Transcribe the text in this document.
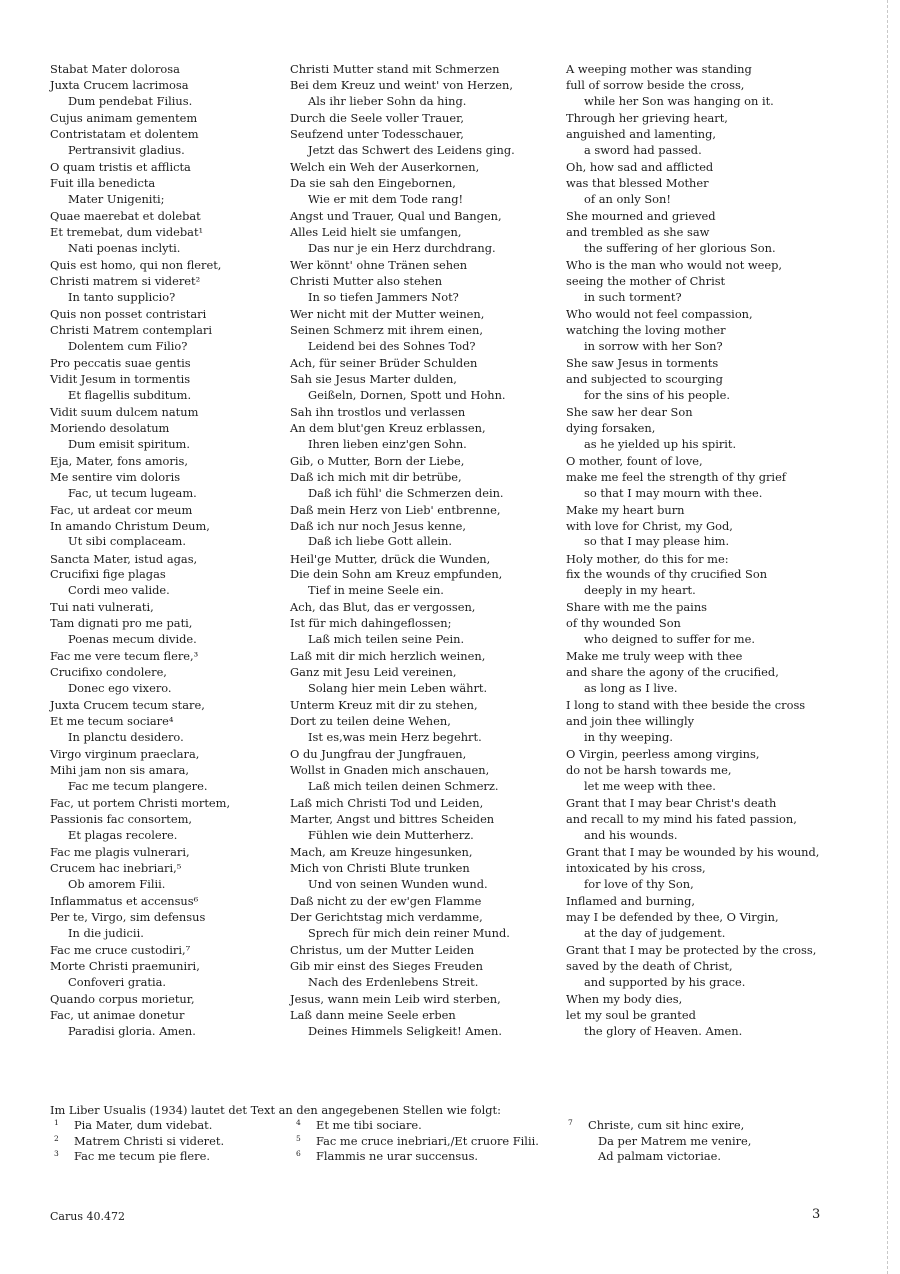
Stabat Mater dolorosa
Juxta Crucem lacrimosa
Dum pendebat Filius.
Cujus animam gementem
Contristatam et dolentem
Pertransivit gladius.
O quam tristis et afflicta
Fuit illa benedicta
Mater Unigeniti;
Quae maerebat et dolebat
Et tremebat, dum videbat¹
Nati poenas inclyti.
Quis est homo, qui non fleret,
Christi matrem si videret²
In tanto supplicio?
Quis non posset contristari
Christi Matrem contemplari
Dolentem cum Filio?
Pro peccatis suae gentis
Vidit Jesum in tormentis
Et flagellis subditum.
Vidit suum dulcem natum
Moriendo desolatum
Dum emisit spiritum.
Eja, Mater, fons amoris,
Me sentire vim doloris
Fac, ut tecum lugeam.
Fac, ut ardeat cor meum
In amando Christum Deum,
Ut sibi complaceam.
Sancta Mater, istud agas,
Crucifixi fige plagas
Cordi meo valide.
Tui nati vulnerati,
Tam dignati pro me pati,
Poenas mecum divide.
Fac me vere tecum flere,³
Crucifixo condolere,
Donec ego vixero.
Juxta Crucem tecum stare,
Et me tecum sociare⁴
In planctu desidero.
Virgo virginum praeclara,
Mihi jam non sis amara,
Fac me tecum plangere.
Fac, ut portem Christi mortem,
Passionis fac consortem,
Et plagas recolere.
Fac me plagis vulnerari,
Crucem hac inebriari,⁵
Ob amorem Filii.
Inflammatus et accensus⁶
Per te, Virgo, sim defensus
In die judicii.
Fac me cruce custodiri,⁷
Morte Christi praemuniri,
Confoveri gratia.
Quando corpus morietur,
Fac, ut animae donetur
Paradisi gloria. Amen.
Christi Mutter stand mit Schmerzen
Bei dem Kreuz und weint' von Herzen,
Als ihr lieber Sohn da hing.
Durch die Seele voller Trauer,
Seufzend unter Todesschauer,
Jetzt das Schwert des Leidens ging.
Welch ein Weh der Auserkornen,
Da sie sah den Eingebornen,
Wie er mit dem Tode rang!
Angst und Trauer, Qual und Bangen,
Alles Leid hielt sie umfangen,
Das nur je ein Herz durchdrang.
Wer könnt' ohne Tränen sehen
Christi Mutter also stehen
In so tiefen Jammers Not?
Wer nicht mit der Mutter weinen,
Seinen Schmerz mit ihrem einen,
Leidend bei des Sohnes Tod?
Ach, für seiner Brüder Schulden
Sah sie Jesus Marter dulden,
Geißeln, Dornen, Spott und Hohn.
Sah ihn trostlos und verlassen
An dem blut'gen Kreuz erblassen,
Ihren lieben einz'gen Sohn.
Gib, o Mutter, Born der Liebe,
Daß ich mich mit dir betrübe,
Daß ich fühl' die Schmerzen dein.
Daß mein Herz von Lieb' entbrenne,
Daß ich nur noch Jesus kenne,
Daß ich liebe Gott allein.
Heil'ge Mutter, drück die Wunden,
Die dein Sohn am Kreuz empfunden,
Tief in meine Seele ein.
Ach, das Blut, das er vergossen,
Ist für mich dahingeflossen;
Laß mich teilen seine Pein.
Laß mit dir mich herzlich weinen,
Ganz mit Jesu Leid vereinen,
Solang hier mein Leben währt.
Unterm Kreuz mit dir zu stehen,
Dort zu teilen deine Wehen,
Ist es,was mein Herz begehrt.
O du Jungfrau der Jungfrauen,
Wollst in Gnaden mich anschauen,
Laß mich teilen deinen Schmerz.
Laß mich Christi Tod und Leiden,
Marter, Angst und bittres Scheiden
Fühlen wie dein Mutterherz.
Mach, am Kreuze hingesunken,
Mich von Christi Blute trunken
Und von seinen Wunden wund.
Daß nicht zu der ew'gen Flamme
Der Gerichtstag mich verdamme,
Sprech für mich dein reiner Mund.
Christus, um der Mutter Leiden
Gib mir einst des Sieges Freuden
Nach des Erdenlebens Streit.
Jesus, wann mein Leib wird sterben,
Laß dann meine Seele erben
Deines Himmels Seligkeit! Amen.
A weeping mother was standing
full of sorrow beside the cross,
while her Son was hanging on it.
Through her grieving heart,
anguished and lamenting,
a sword had passed.
Oh, how sad and afflicted
was that blessed Mother
of an only Son!
She mourned and grieved
and trembled as she saw
the suffering of her glorious Son.
Who is the man who would not weep,
seeing the mother of Christ
in such torment?
Who would not feel compassion,
watching the loving mother
in sorrow with her Son?
She saw Jesus in torments
and subjected to scourging
for the sins of his people.
She saw her dear Son
dying forsaken,
as he yielded up his spirit.
O mother, fount of love,
make me feel the strength of thy grief
so that I may mourn with thee.
Make my heart burn
with love for Christ, my God,
so that I may please him.
Holy mother, do this for me:
fix the wounds of thy crucified Son
deeply in my heart.
Share with me the pains
of thy wounded Son
who deigned to suffer for me.
Make me truly weep with thee
and share the agony of the crucified,
as long as I live.
I long to stand with thee beside the cross
and join thee willingly
in thy weeping.
O Virgin, peerless among virgins,
do not be harsh towards me,
let me weep with thee.
Grant that I may bear Christ's death
and recall to my mind his fated passion,
and his wounds.
Grant that I may be wounded by his wound,
intoxicated by his cross,
for love of thy Son,
Inflamed and burning,
may I be defended by thee, O Virgin,
at the day of judgement.
Grant that I may be protected by the cross,
saved by the death of Christ,
and supported by his grace.
When my body dies,
let my soul be granted
the glory of Heaven. Amen.
Im Liber Usualis (1934) lautet det Text an den angegebenen Stellen wie folgt:
1 Pia Mater, dum videbat.
2 Matrem Christi si videret.
3 Fac me tecum pie flere.
4 Et me tibi sociare.
5 Fac me cruce inebriari,/Et cruore Filii.
6 Flammis ne urar succensus.
7 Christe, cum sit hinc exire,
Da per Matrem me venire,
Ad palmam victoriae.
Carus 40.472	3
